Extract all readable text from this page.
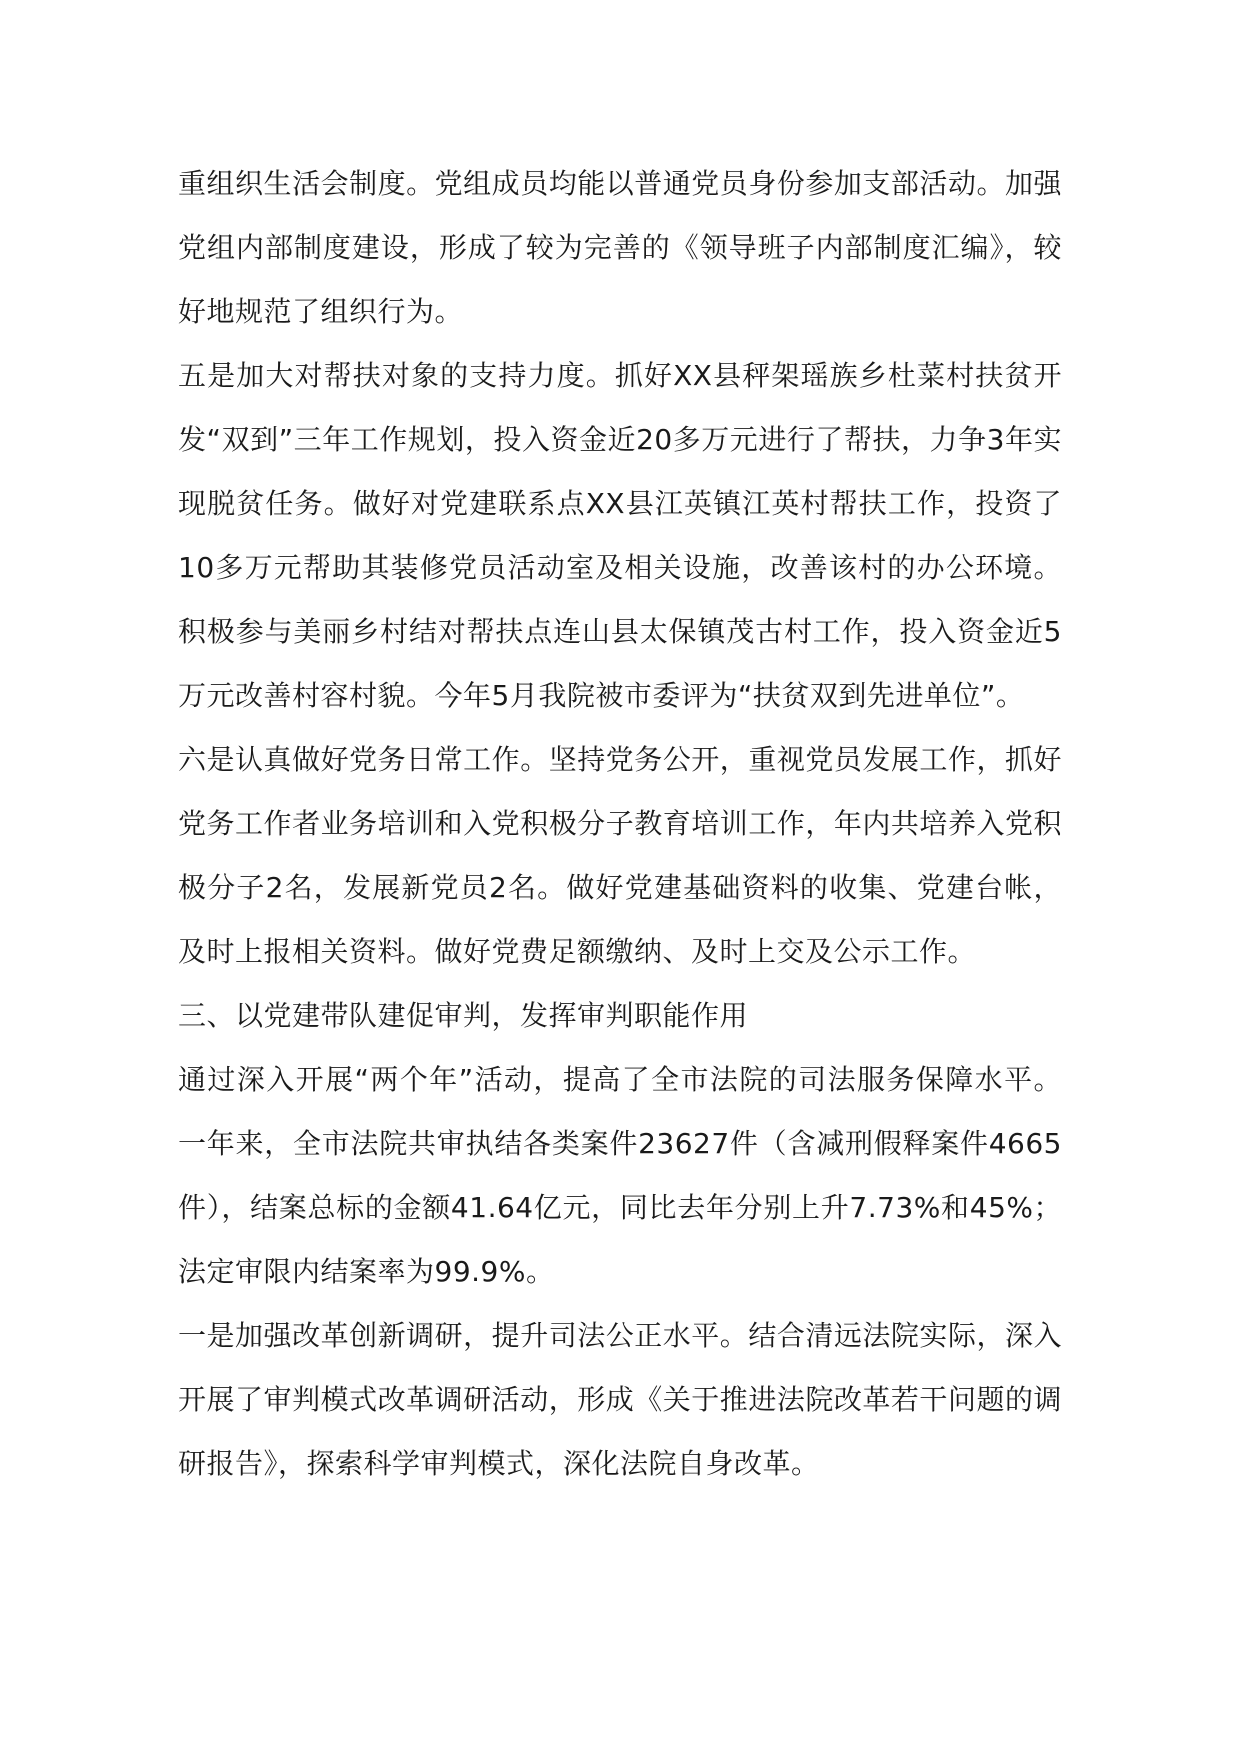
重组织生活会制度。党组成员均能以普通党员身份参加支部活动。加强党组内部制度建设，形成了较为完善的《领导班子内部制度汇编》，较好地规范了组织行为。

五是加大对帮扶对象的支持力度。抓好XX县秤架瑶族乡杜菜村扶贫开发“双到”三年工作规划，投入资金近20多万元进行了帮扶，力争3年实现脱贫任务。做好对党建联系点XX县江英镇江英村帮扶工作，投资了10多万元帮助其装修党员活动室及相关设施，改善该村的办公环境。积极参与美丽乡村结对帮扶点连山县太保镇茂古村工作，投入资金近5万元改善村容村貌。今年5月我院被市委评为“扶贫双到先进单位”。

六是认真做好党务日常工作。坚持党务公开，重视党员发展工作，抓好党务工作者业务培训和入党积极分子教育培训工作，年内共培养入党积极分子2名，发展新党员2名。做好党建基础资料的收集、党建台帐，及时上报相关资料。做好党费足额缴纳、及时上交及公示工作。

三、以党建带队建促审判，发挥审判职能作用

通过深入开展“两个年”活动，提高了全市法院的司法服务保障水平。一年来，全市法院共审执结各类案件23627件（含减刑假释案件4665件），结案总标的金额41.64亿元，同比去年分别上升7.73%和45%；法定审限内结案率为99.9%。

一是加强改革创新调研，提升司法公正水平。结合清远法院实际，深入开展了审判模式改革调研活动，形成《关于推进法院改革若干问题的调研报告》，探索科学审判模式，深化法院自身改革。
